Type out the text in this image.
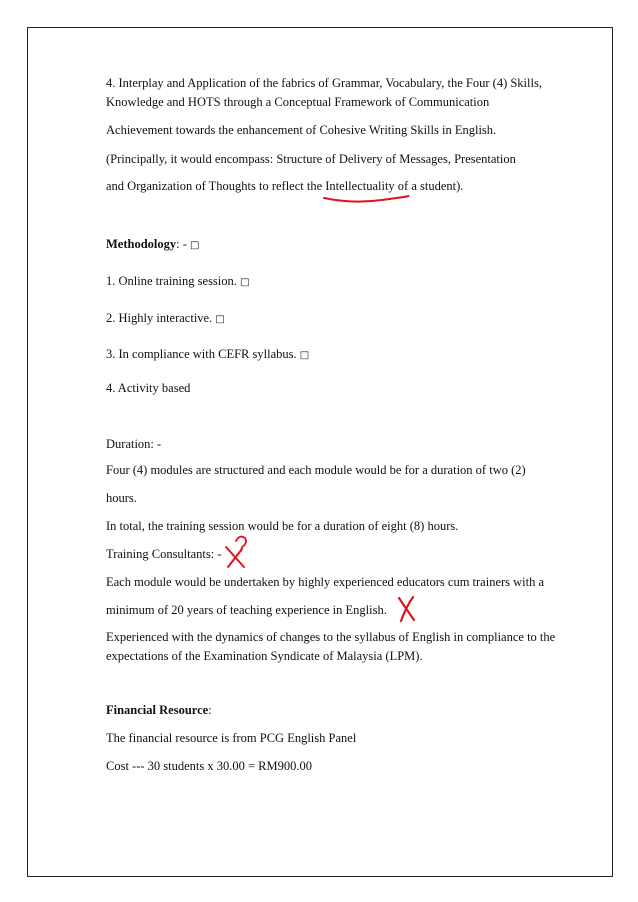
4. Interplay and Application of the fabrics of Grammar, Vocabulary, the Four (4) Skills,
Knowledge and HOTS through a Conceptual Framework of Communication
Achievement towards the enhancement of Cohesive Writing Skills in English.
(Principally, it would encompass: Structure of Delivery of Messages, Presentation
and Organization of Thoughts to reflect the Intellectuality of a student).
Methodology: - □
1. Online training session. □
2. Highly interactive. □
3. In compliance with CEFR syllabus. □
4. Activity based
Duration: -
Four (4) modules are structured and each module would be for a duration of two (2)
hours.
In total, the training session would be for a duration of eight (8) hours.
Training Consultants: -
Each module would be undertaken by highly experienced educators cum trainers with a
minimum of 20 years of teaching experience in English.
Experienced with the dynamics of changes to the syllabus of English in compliance to the
expectations of the Examination Syndicate of Malaysia (LPM).
Financial Resource:
The financial resource is from PCG English Panel
Cost --- 30 students x 30.00 = RM900.00
